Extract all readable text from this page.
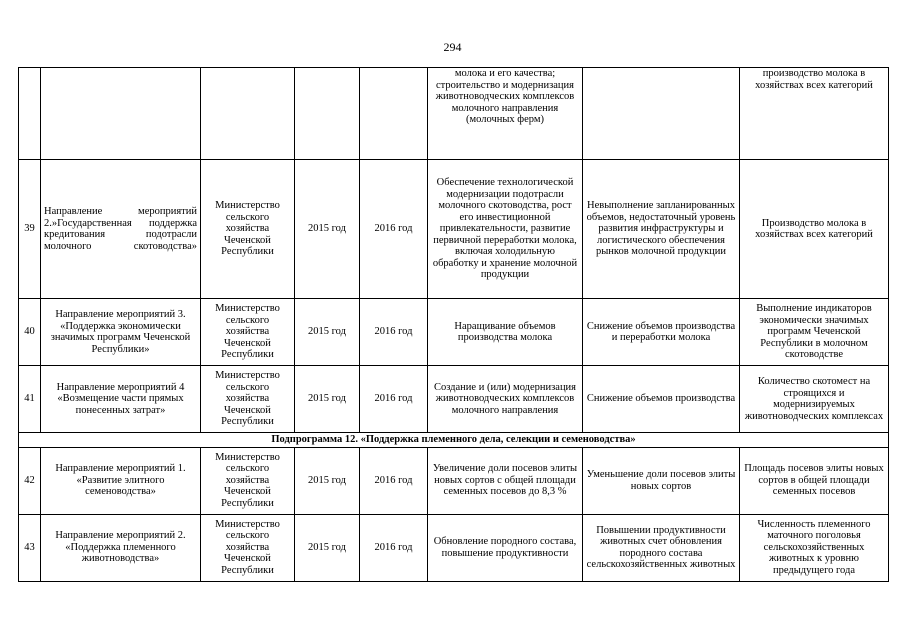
294
					молока и его качества; строительство и модернизация животноводческих комплексов молочного направления (молочных ферм)		производство молока в хозяйствах всех категорий
39	Направление мероприятий 2.»Государственная поддержка кредитования подотрасли молочного скотоводства»	Министерство сельского хозяйства Чеченской Республики	2015 год	2016 год	Обеспечение технологической модернизации подотрасли молочного скотоводства, рост его инвестиционной привлекательности, развитие первичной переработки молока, включая холодильную обработку и хранение молочной продукции	Невыполнение запланированных объемов, недостаточный уровень развития инфраструктуры и логистического обеспечения рынков молочной продукции	Производство молока в хозяйствах всех категорий
40	Направление мероприятий 3. «Поддержка экономически значимых программ Чеченской Республики»	Министерство сельского хозяйства Чеченской Республики	2015 год	2016 год	Наращивание объемов производства молока	Снижение объемов производства и переработки молока	Выполнение индикаторов экономически значимых программ Чеченской Республики в молочном скотоводстве
41	Направление мероприятий 4 «Возмещение части прямых понесенных затрат»	Министерство сельского хозяйства Чеченской Республики	2015 год	2016 год	Создание и (или) модернизация животноводческих комплексов молочного направления	Снижение объемов производства	Количество скотомест на строящихся и модернизируемых животноводческих комплексах
Подпрограмма 12. «Поддержка племенного дела, селекции и семеноводства»							
42	Направление мероприятий 1. «Развитие элитного семеноводства»	Министерство сельского хозяйства Чеченской Республики	2015 год	2016 год	Увеличение доли посевов элиты новых сортов с общей площади семенных посевов до 8,3 %	Уменьшение доли посевов элиты новых сортов	Площадь посевов элиты новых сортов в общей площади семенных посевов
43	Направление мероприятий 2. «Поддержка племенного животноводства»	Министерство сельского хозяйства Чеченской Республики	2015 год	2016 год	Обновление породного состава, повышение продуктивности	Повышении продуктивности животных счет обновления породного состава сельскохозяйственных животных	Численность племенного маточного поголовья сельскохозяйственных животных к уровню предыдущего года
